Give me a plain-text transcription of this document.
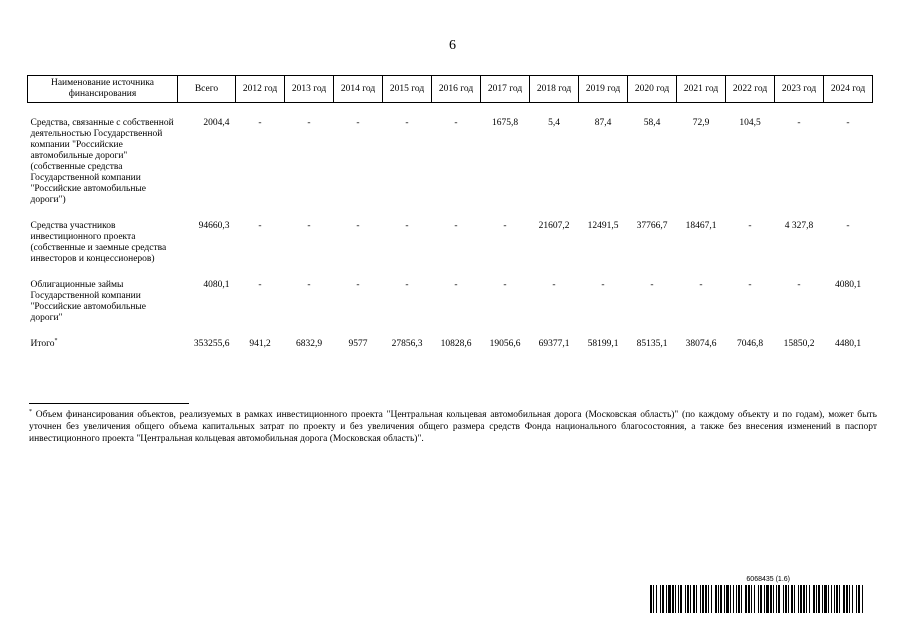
6
Наименование источника финансирования	Всего	2012 год	2013 год	2014 год	2015 год	2016 год	2017 год	2018 год	2019 год	2020 год	2021 год	2022 год	2023 год	2024 год
Средства, связанные с собственной деятельностью Государственной компании "Российские автомобильные дороги" (собственные средства Государственной компании "Российские автомобильные дороги")	2004,4	-	-	-	-	-	1675,8	5,4	87,4	58,4	72,9	104,5	-	-
Средства участников инвестиционного проекта (собственные и заемные средства инвесторов и концессионеров)	94660,3	-	-	-	-	-	-	21607,2	12491,5	37766,7	18467,1	-	4 327,8	-
Облигационные займы Государственной компании "Российские автомобильные дороги"	4080,1	-	-	-	-	-	-	-	-	-	-	-	-	4080,1
Итого*	353255,6	941,2	6832,9	9577	27856,3	10828,6	19056,6	69377,1	58199,1	85135,1	38074,6	7046,8	15850,2	4480,1
* Объем финансирования объектов, реализуемых в рамках инвестиционного проекта "Центральная кольцевая автомобильная дорога (Московская область)" (по каждому объекту и по годам), может быть уточнен без увеличения общего объема капитальных затрат по проекту и без увеличения общего размера средств Фонда национального благосостояния, а также без внесения изменений в паспорт инвестиционного проекта "Центральная кольцевая автомобильная дорога (Московская область)".
6068435 (1.6)
